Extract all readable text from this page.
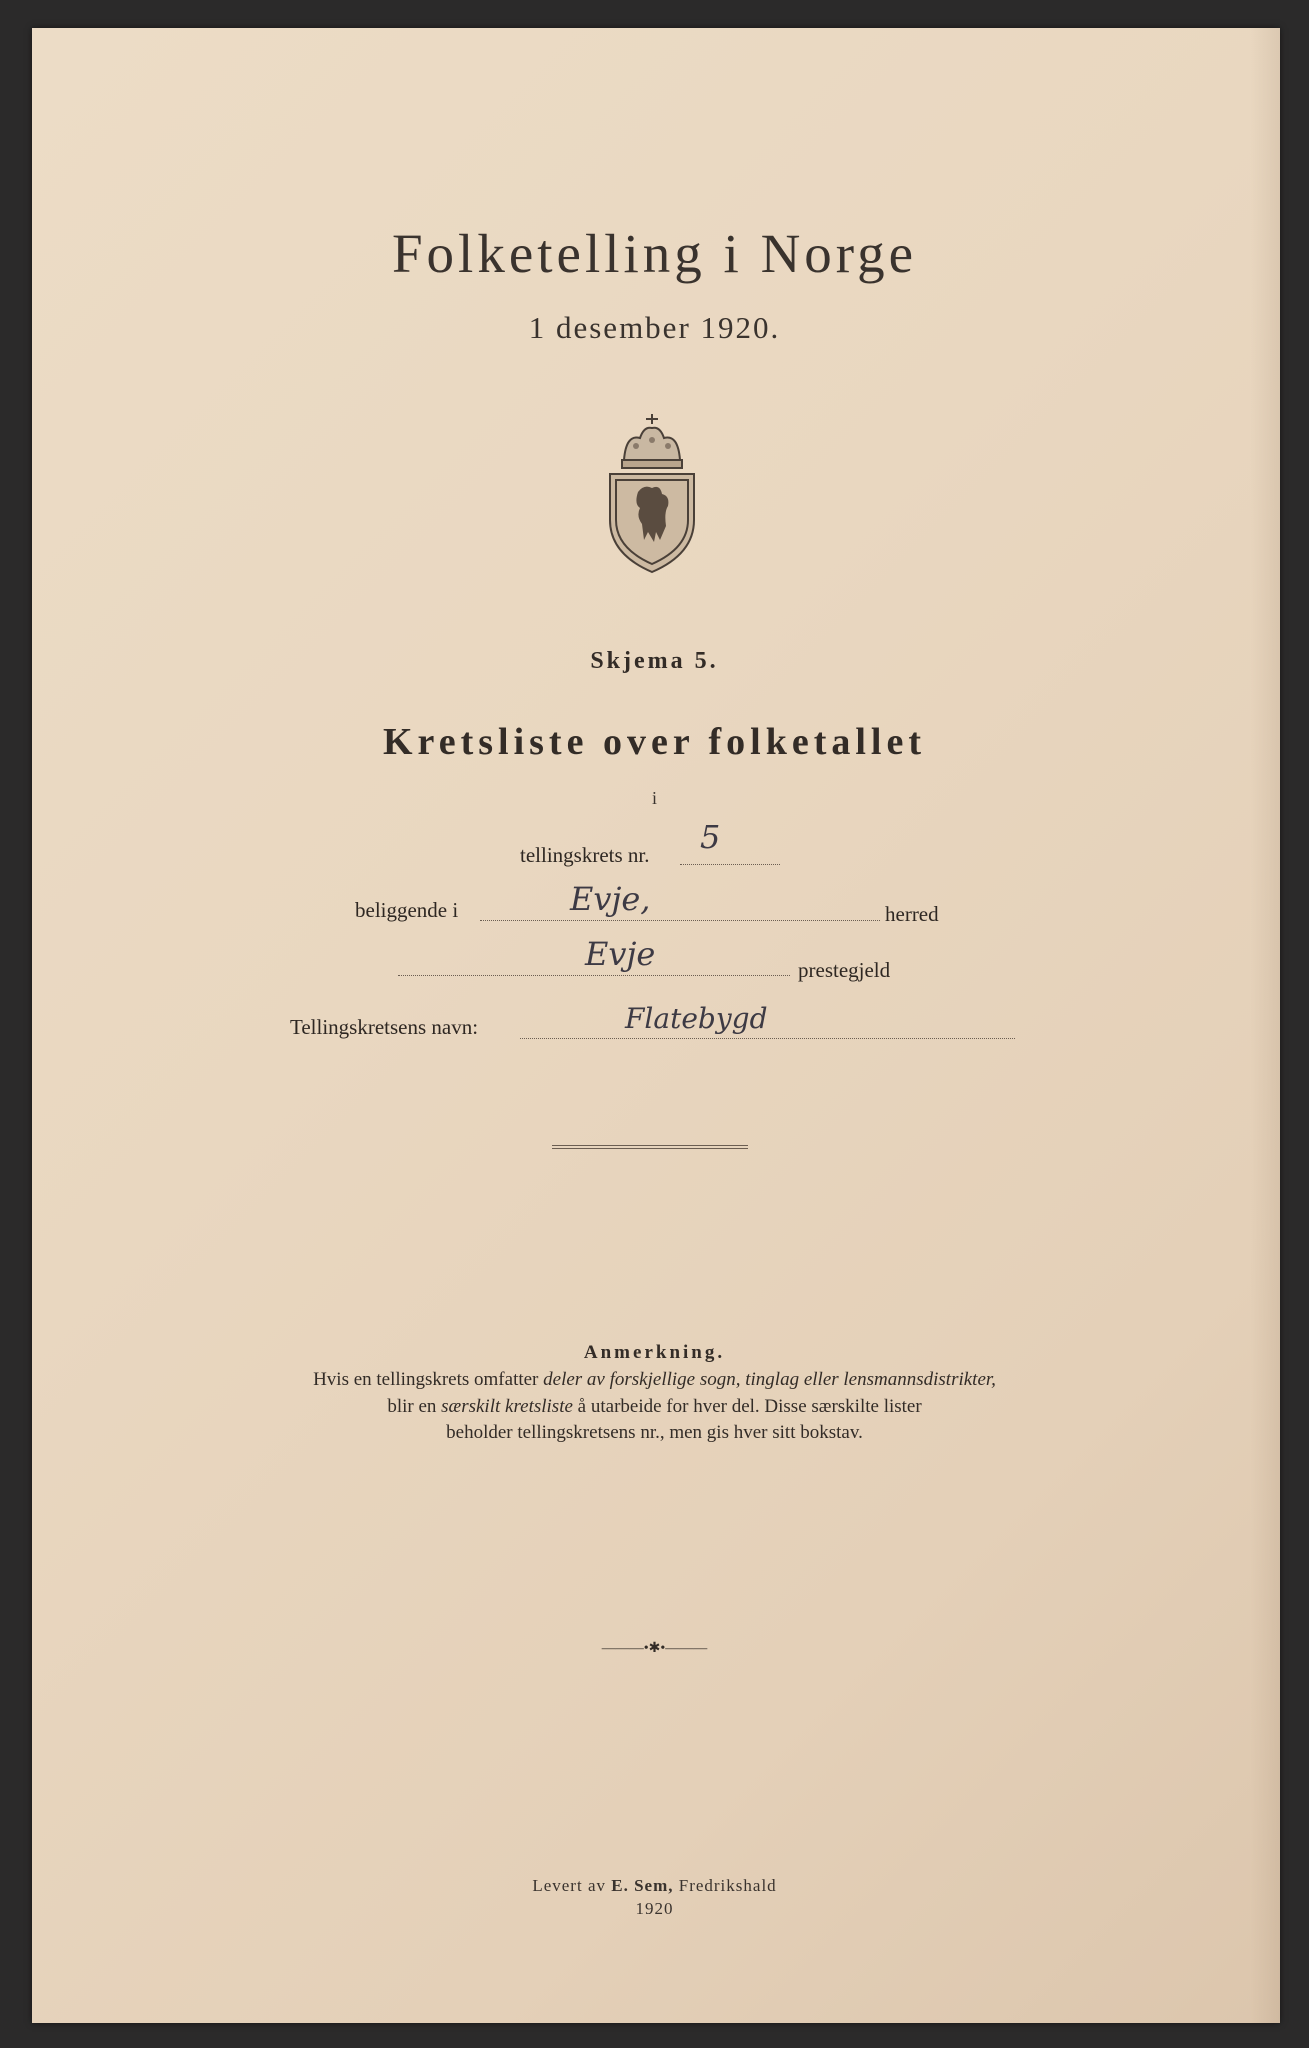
Folketelling i Norge
1 desember 1920.
Skjema 5.
Kretsliste over folketallet
i
tellingskrets nr. 5
beliggende i	Evje,	herred
Evje	prestegjeld
Tellingskretsens navn:	Flatebygd
Anmerkning.
Hvis en tellingskrets omfatter deler av forskjellige sogn, tinglag eller lensmannsdistrikter,
blir en særskilt kretsliste å utarbeide for hver del. Disse særskilte lister
beholder tellingskretsens nr., men gis hver sitt bokstav.
———•✱•———
Levert av E. Sem, Fredrikshald
1920
